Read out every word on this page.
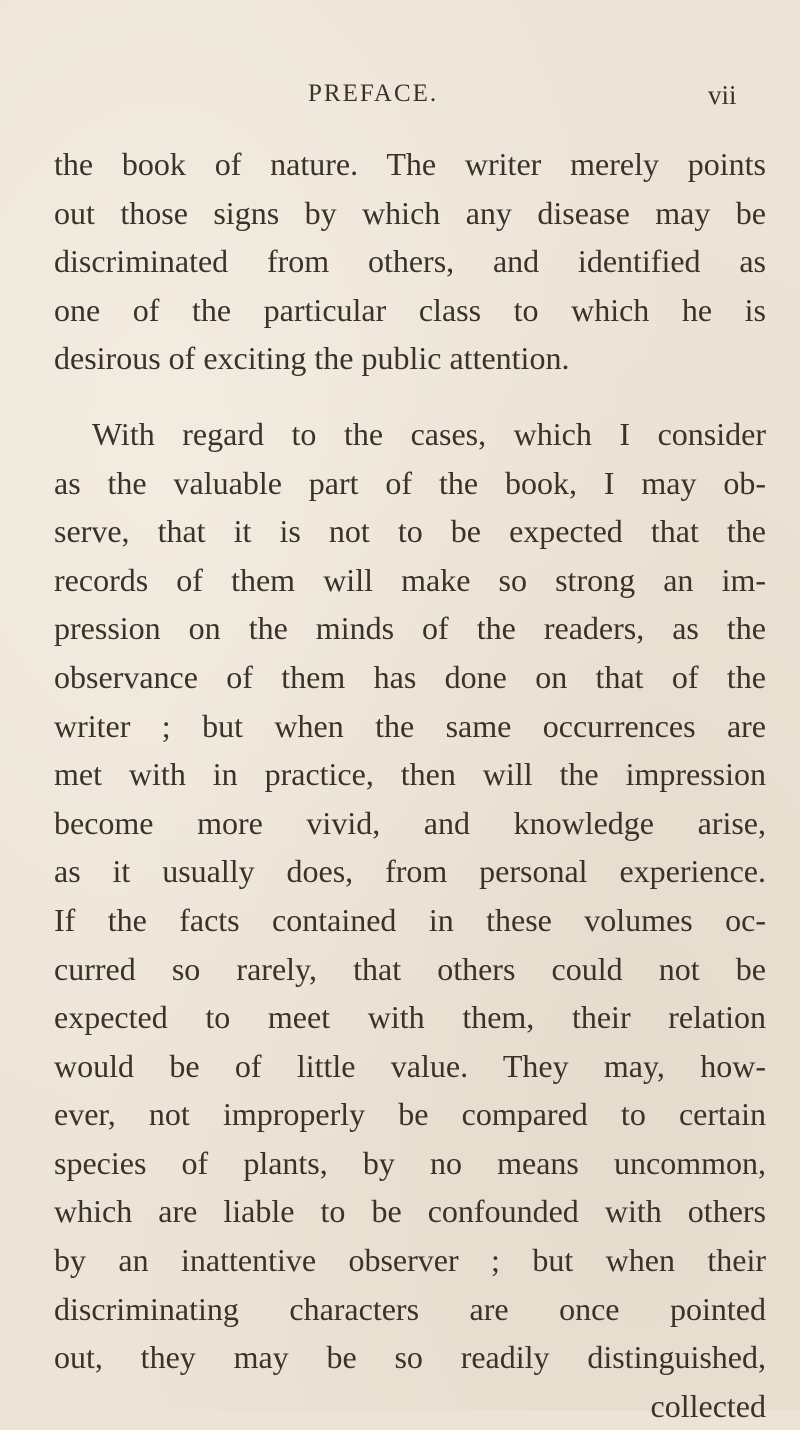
PREFACE.	vii

the book of nature. The writer merely points
out those signs by which any disease may be
discriminated from others, and identified as
one of the particular class to which he is
desirous of exciting the public attention.

With regard to the cases, which I consider
as the valuable part of the book, I may ob-
serve, that it is not to be expected that the
records of them will make so strong an im-
pression on the minds of the readers, as the
observance of them has done on that of the
writer ; but when the same occurrences are
met with in practice, then will the impression
become more vivid, and knowledge arise,
as it usually does, from personal experience.
If the facts contained in these volumes oc-
curred so rarely, that others could not be
expected to meet with them, their relation
would be of little value. They may, how-
ever, not improperly be compared to certain
species of plants, by no means uncommon,
which are liable to be confounded with others
by an inattentive observer ; but when their
discriminating characters are once pointed
out, they may be so readily distinguished,
collected
